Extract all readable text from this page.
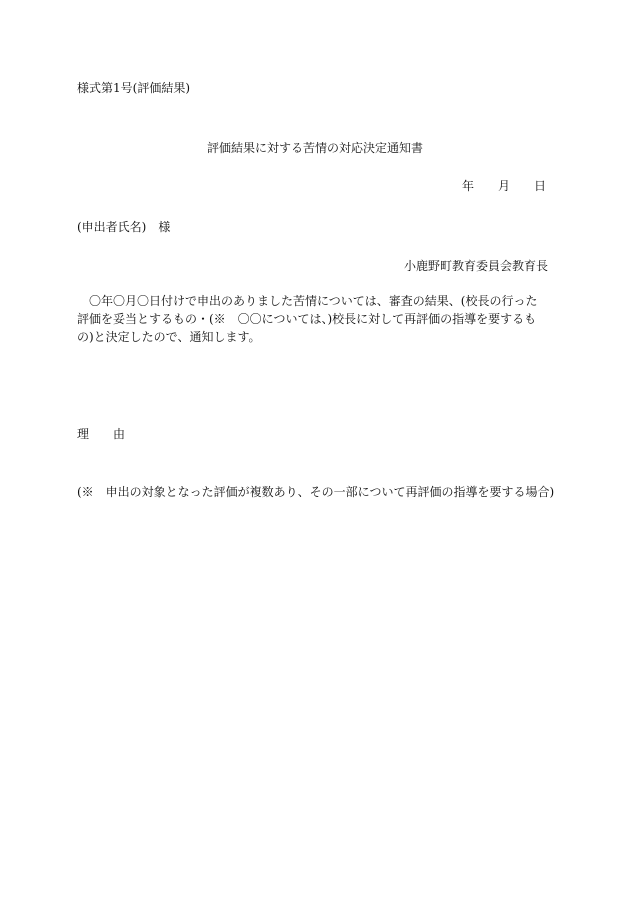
様式第1号(評価結果)
評価結果に対する苦情の対応決定通知書
年 月 日
(申出者氏名)　様
小鹿野町教育委員会教育長
〇年〇月〇日付けで申出のありました苦情については、審査の結果、(校長の行った評価を妥当とするもの・(※　〇〇については、)校長に対して再評価の指導を要するもの)と決定したので、通知します。
理 由
(※　申出の対象となった評価が複数あり、その一部について再評価の指導を要する場合)
